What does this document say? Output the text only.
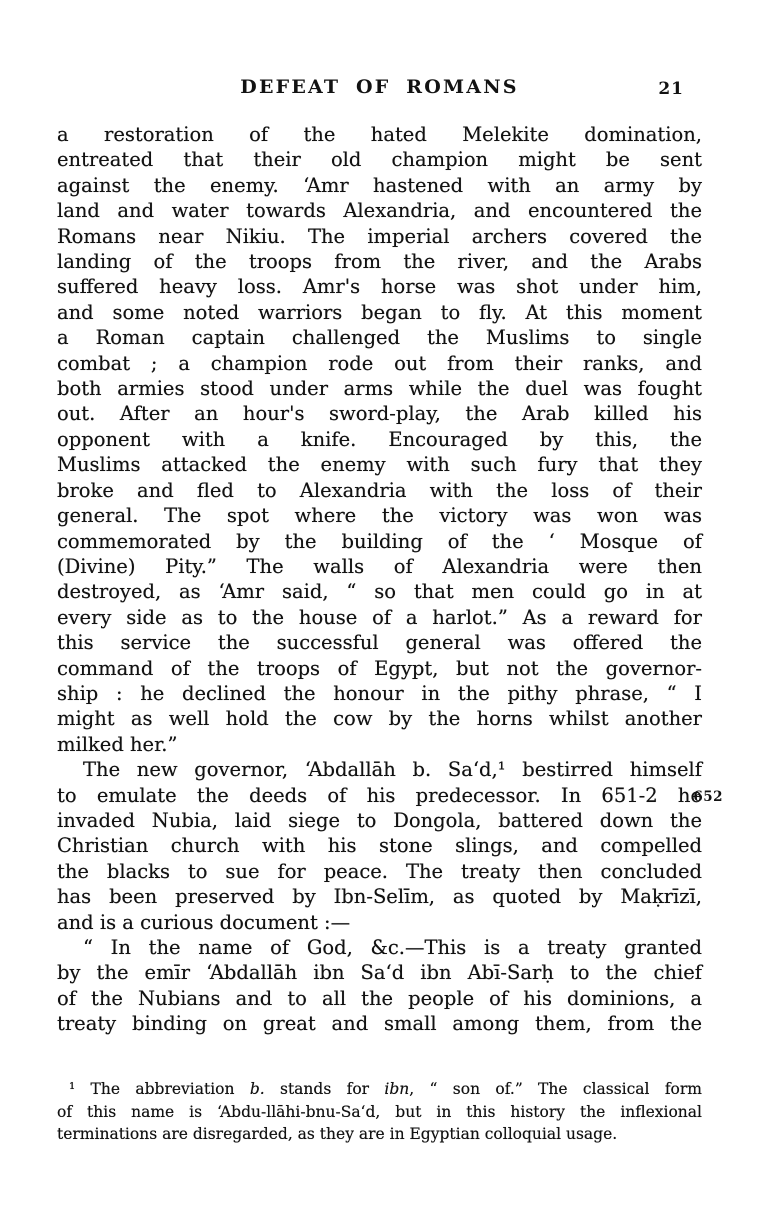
DEFEAT OF ROMANS	21
a restoration of the hated Melekite domination,
entreated that their old champion might be sent
against the enemy. ‘Amr hastened with an army by
land and water towards Alexandria, and encountered the
Romans near Nikiu. The imperial archers covered the
landing of the troops from the river, and the Arabs
suffered heavy loss. Amr's horse was shot under him,
and some noted warriors began to fly. At this moment
a Roman captain challenged the Muslims to single
combat ; a champion rode out from their ranks, and
both armies stood under arms while the duel was fought
out. After an hour's sword-play, the Arab killed his
opponent with a knife. Encouraged by this, the
Muslims attacked the enemy with such fury that they
broke and fled to Alexandria with the loss of their
general. The spot where the victory was won was
commemorated by the building of the ‘ Mosque of
(Divine) Pity.” The walls of Alexandria were then
destroyed, as ‘Amr said, “ so that men could go in at
every side as to the house of a harlot.” As a reward for
this service the successful general was offered the
command of the troops of Egypt, but not the governor-
ship : he declined the honour in the pithy phrase, “ I
might as well hold the cow by the horns whilst another
milked her.”
The new governor, ‘Abdallāh b. Sa‘d,¹ bestirred himself
to emulate the deeds of his predecessor. In 651-2 he
invaded Nubia, laid siege to Dongola, battered down the
Christian church with his stone slings, and compelled
the blacks to sue for peace. The treaty then concluded
has been preserved by Ibn-Selīm, as quoted by Maḳrīzī,
and is a curious document :—
“ In the name of God, &c.—This is a treaty granted
by the emīr ‘Abdallāh ibn Sa‘d ibn Abī-Sarḥ to the chief
of the Nubians and to all the people of his dominions, a
treaty binding on great and small among them, from the
652
¹ The abbreviation b. stands for ibn, “ son of.” The classical form
of this name is ‘Abdu-llāhi-bnu-Sa‘d, but in this history the inflexional
terminations are disregarded, as they are in Egyptian colloquial usage.
